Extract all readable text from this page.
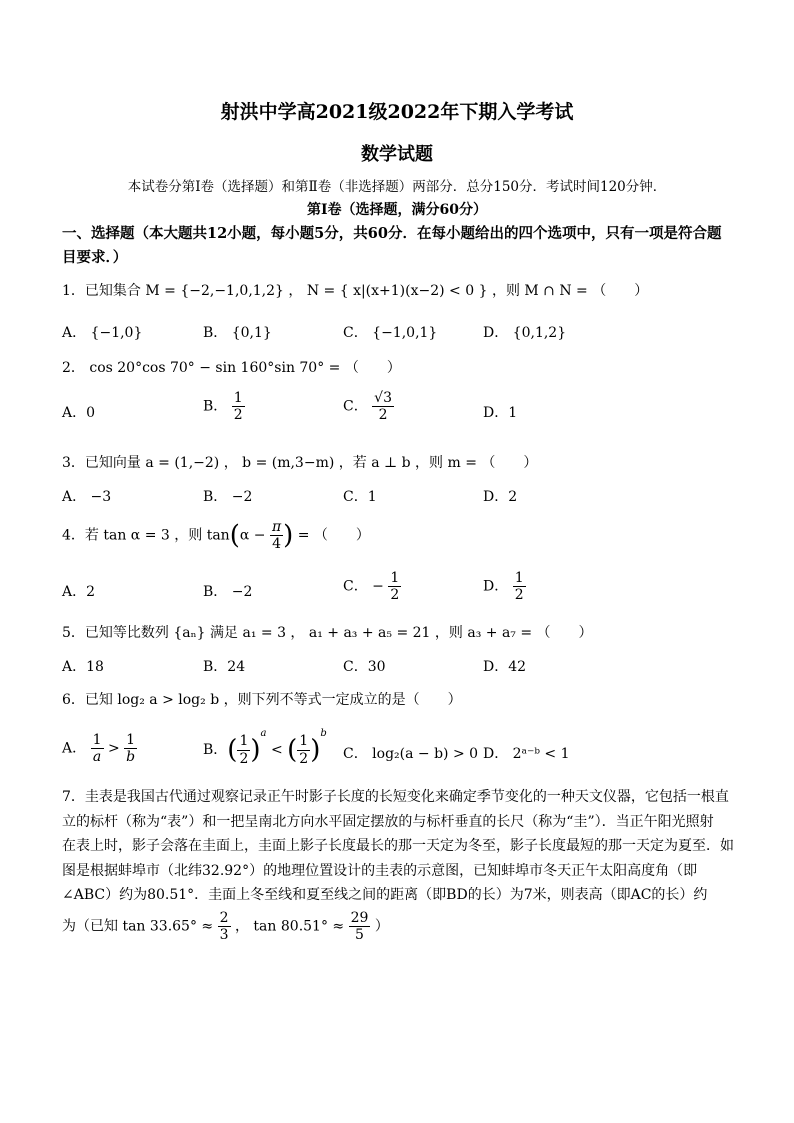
射洪中学高2021级2022年下期入学考试
数学试题
本试卷分第Ⅰ卷（选择题）和第Ⅱ卷（非选择题）两部分．总分150分．考试时间120分钟．
第Ⅰ卷（选择题，满分60分）
一、选择题（本大题共12小题，每小题5分，共60分．在每小题给出的四个选项中，只有一项是符合题目要求．）
1．已知集合 M = {−2,−1,0,1,2} ， N = { x|(x+1)(x−2) < 0 } ，则 M ∩ N = （　　）
A． {−1,0}	B． {0,1}	C． {−1,0,1}	D． {0,1,2}
2． cos 20°cos 70° − sin 160°sin 70° = （　　）
A．0	B． $\frac{1}{2}$	C． $\frac{√3}{2}$	D．1
3．已知向量 a = (1,−2) ， b = (m,3−m) ，若 a ⊥ b ，则 m = （　　）
A． −3	B． −2	C．1	D．2
4．若 tan α = 3 ，则 $\tan(\alpha - \frac{\pi}{4}$ ) = （　　）
A．2	B． −2	C． − $\frac{1}{2}$	D． $\frac{1}{2}$
5．已知等比数列 {aₙ} 满足 a₁ = 3 ， a₁ + a₃ + a₅ = 21 ，则 a₃ + a₇ = （　　）
A．18	B．24	C．30	D．42
6．已知 log₂ a > log₂ b ，则下列不等式一定成立的是（　　）
A． $\frac{1}{a} > \frac{1}{b}$	B．( $\frac{1}{2} )^a$ < ( $\frac{1}{2} )^b$
C． log₂(a − b) > 0 D． 2ᵃ⁻ᵇ < 1
7．圭表是我国古代通过观察记录正午时影子长度的长短变化来确定季节变化的一种天文仪器，它包括一根直
立的标杆（称为“表”）和一把呈南北方向水平固定摆放的与标杆垂直的长尺（称为“圭”）．当正午阳光照射
在表上时，影子会落在圭面上，圭面上影子长度最长的那一天定为冬至，影子长度最短的那一天定为夏至．如
图是根据蚌埠市（北纬32.92°）的地理位置设计的圭表的示意图，已知蚌埠市冬天正午太阳高度角（即
∠ABC）约为80.51°．圭面上冬至线和夏至线之间的距离（即BD的长）为7米，则表高（即AC的长）约
为（已知 $\tan 33.65^\circ \approx \frac{2}{3}$ ， $\tan 80.51^\circ \approx \frac{29}{5}$ ）
